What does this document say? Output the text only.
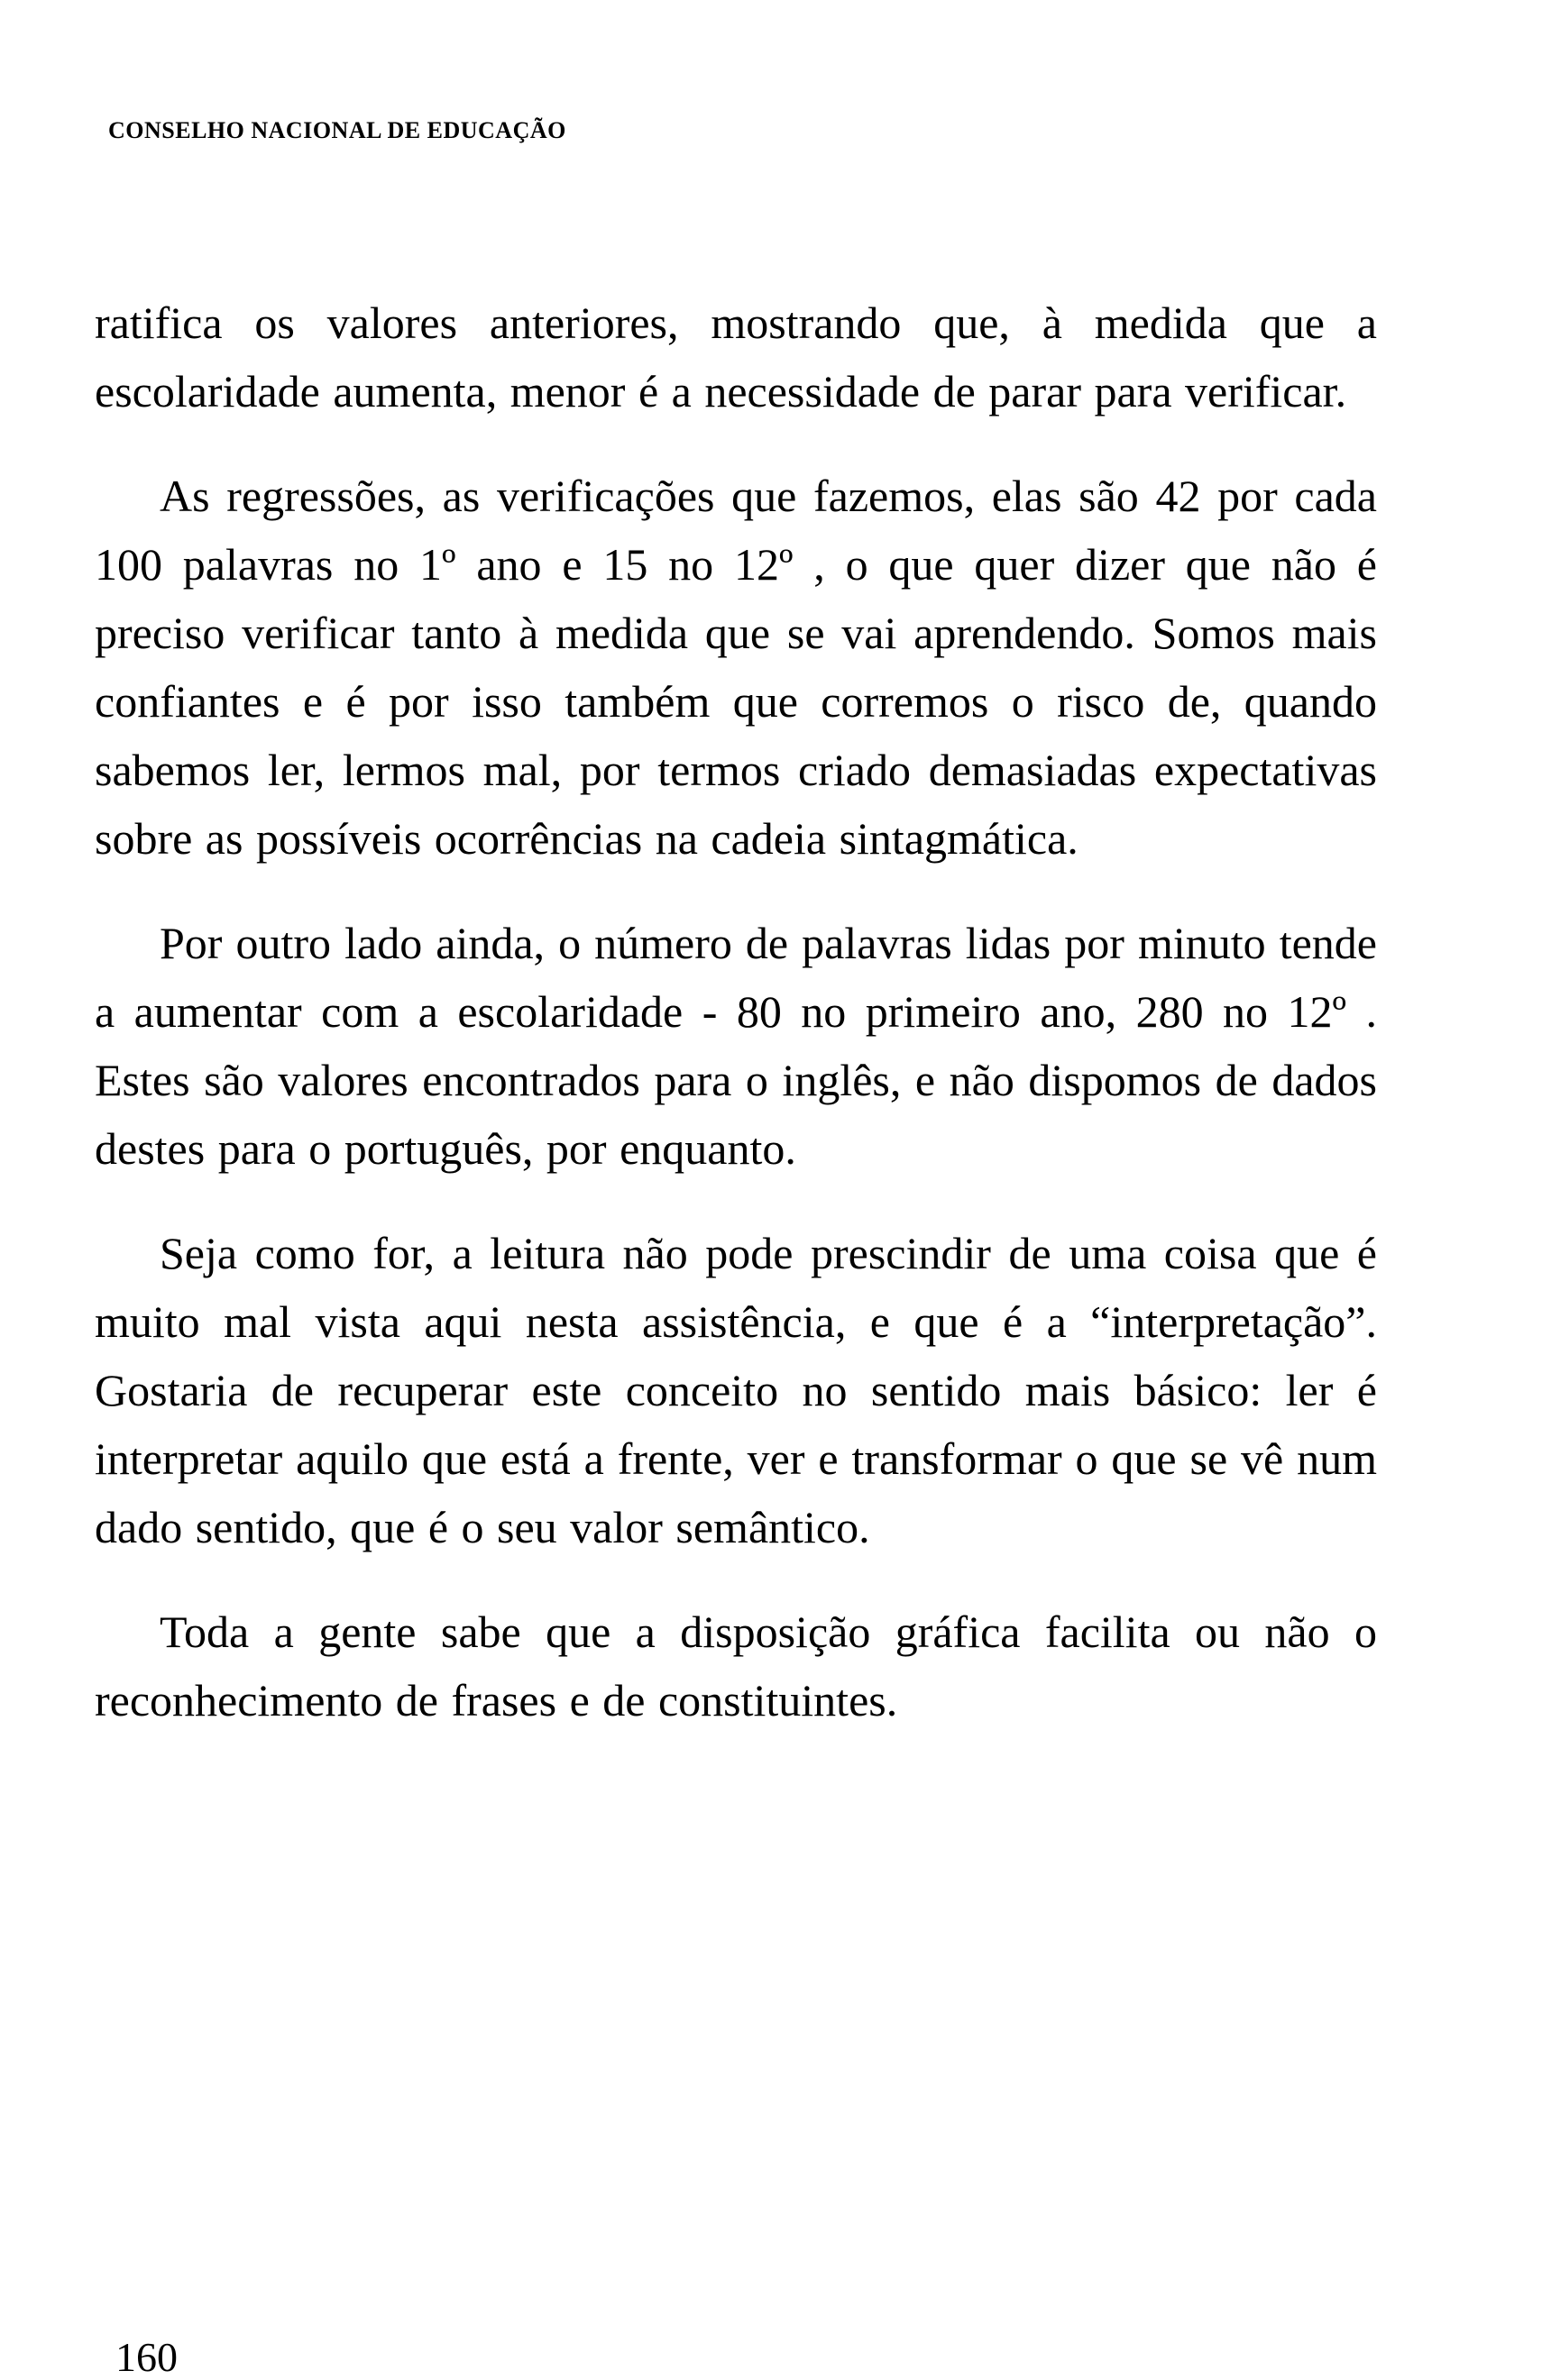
CONSELHO NACIONAL DE EDUCAÇÃO

ratifica os valores anteriores, mostrando que, à medida que a escolaridade aumenta, menor é a necessidade de parar para verificar.

As regressões, as verificações que fazemos, elas são 42 por cada 100 palavras no 1º ano e 15 no 12º , o que quer dizer que não é preciso verificar tanto à medida que se vai aprendendo. Somos mais confiantes e é por isso também que corremos o risco de, quando sabemos ler, lermos mal, por termos criado demasiadas expectativas sobre as possíveis ocorrências na cadeia sintagmática.

Por outro lado ainda, o número de palavras lidas por minuto tende a aumentar com a escolaridade - 80 no primeiro ano, 280 no 12º . Estes são valores encontrados para o inglês, e não dispomos de dados destes para o português, por enquanto.

Seja como for, a leitura não pode prescindir de uma coisa que é muito mal vista aqui nesta assistência, e que é a “interpretação”. Gostaria de recuperar este conceito no sentido mais básico: ler é interpretar aquilo que está a frente, ver e transformar o que se vê num dado sentido, que é o seu valor semântico.

Toda a gente sabe que a disposição gráfica facilita ou não o reconhecimento de frases e de constituintes.

160
